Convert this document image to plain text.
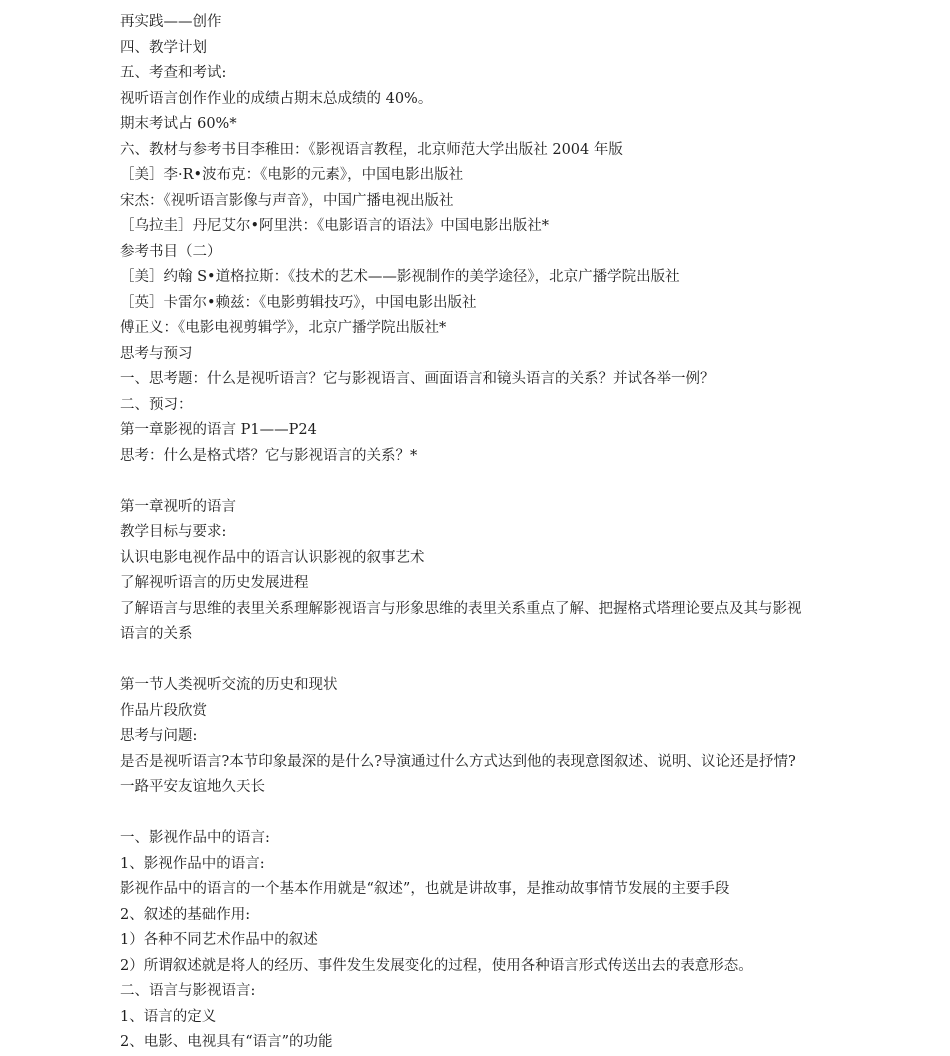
再实践——创作
四、教学计划
五、考查和考试:
视听语言创作作业的成绩占期末总成绩的 40%。
期末考试占 60%*
六、教材与参考书目李稚田：《影视语言教程，北京师范大学出版社 2004 年版
［美］李·R•波布克：《电影的元素》，中国电影出版社
宋杰：《视听语言影像与声音》，中国广播电视出版社
［乌拉圭］丹尼艾尔•阿里洪：《电影语言的语法》中国电影出版社*
参考书目（二）
［美］约翰 S•道格拉斯：《技术的艺术——影视制作的美学途径》，北京广播学院出版社
［英］卡雷尔•赖兹：《电影剪辑技巧》，中国电影出版社
傅正义：《电影电视剪辑学》，北京广播学院出版社*
思考与预习
一、思考题：什么是视听语言？它与影视语言、画面语言和镜头语言的关系？并试各举一例？
二、预习：
第一章影视的语言 P1——P24
思考：什么是格式塔？它与影视语言的关系？*
第一章视听的语言
教学目标与要求:
认识电影电视作品中的语言认识影视的叙事艺术
了解视听语言的历史发展进程
了解语言与思维的表里关系理解影视语言与形象思维的表里关系重点了解、把握格式塔理论要点及其与影视语言的关系
第一节人类视听交流的历史和现状
作品片段欣赏
思考与问题:
是否是视听语言?本节印象最深的是什么?导演通过什么方式达到他的表现意图叙述、说明、议论还是抒情? 一路平安友谊地久天长
一、影视作品中的语言:
1、影视作品中的语言:
影视作品中的语言的一个基本作用就是“叙述”，也就是讲故事，是推动故事情节发展的主要手段
2、叙述的基础作用:
1）各种不同艺术作品中的叙述
2）所谓叙述就是将人的经历、事件发生发展变化的过程，使用各种语言形式传送出去的表意形态。
二、语言与影视语言:
1、语言的定义
2、电影、电视具有“语言”的功能
